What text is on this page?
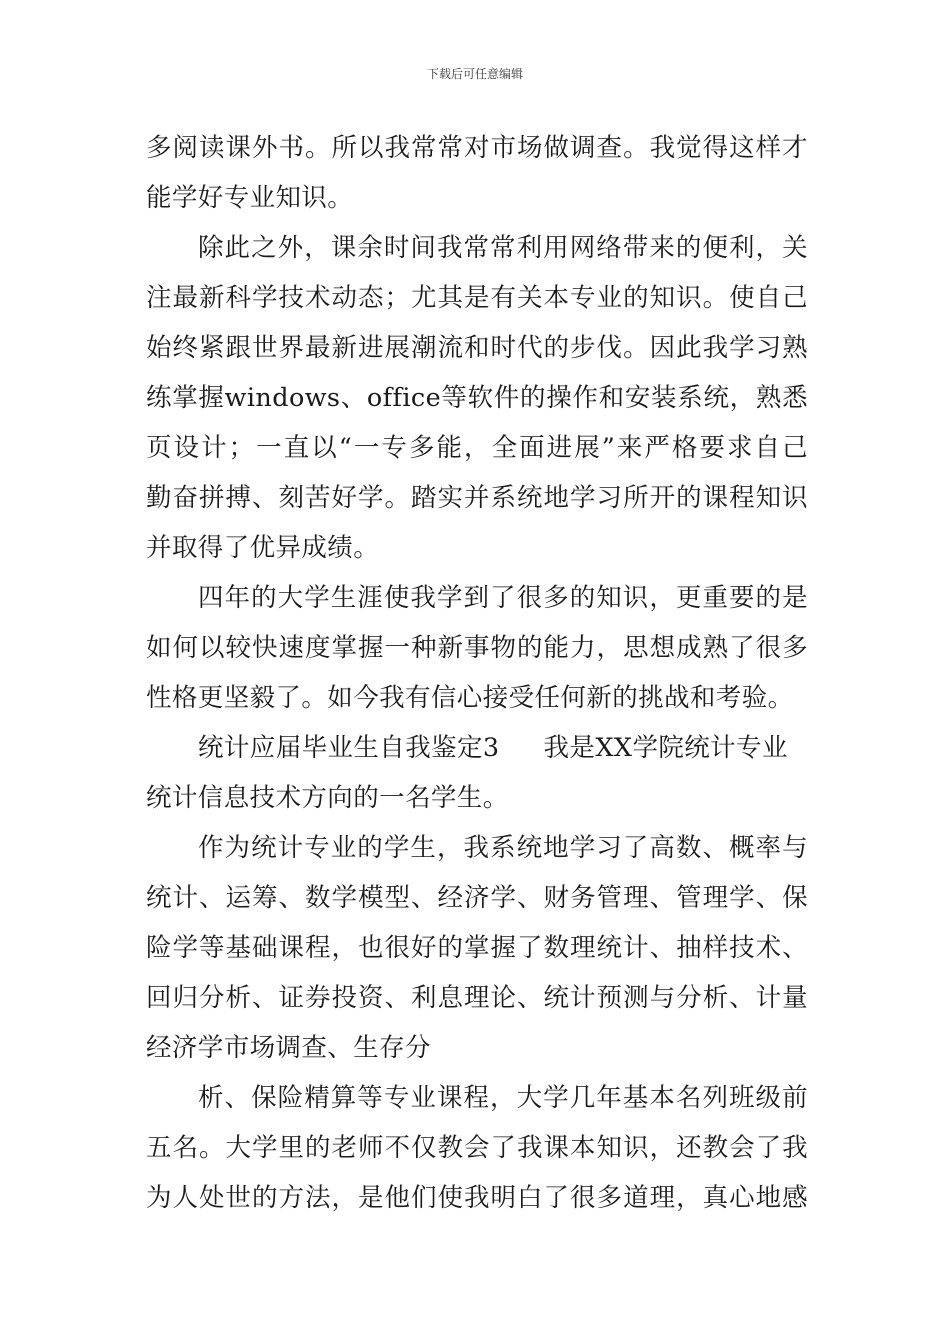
下载后可任意编辑
多阅读课外书。所以我常常对市场做调查。我觉得这样才
能学好专业知识。
除此之外，课余时间我常常利用网络带来的便利，关
注最新科学技术动态；尤其是有关本专业的知识。使自己
始终紧跟世界最新进展潮流和时代的步伐。因此我学习熟
练掌握windows、office等软件的操作和安装系统，熟悉
页设计；一直以“一专多能，全面进展”来严格要求自己
勤奋拼搏、刻苦好学。踏实并系统地学习所开的课程知识
并取得了优异成绩。
四年的大学生涯使我学到了很多的知识，更重要的是
如何以较快速度掌握一种新事物的能力，思想成熟了很多
性格更坚毅了。如今我有信心接受任何新的挑战和考验。
统计应届毕业生自我鉴定3 我是XX学院统计专业
统计信息技术方向的一名学生。
作为统计专业的学生，我系统地学习了高数、概率与
统计、运筹、数学模型、经济学、财务管理、管理学、保
险学等基础课程，也很好的掌握了数理统计、抽样技术、
回归分析、证券投资、利息理论、统计预测与分析、计量
经济学市场调查、生存分
析、保险精算等专业课程，大学几年基本名列班级前
五名。大学里的老师不仅教会了我课本知识，还教会了我
为人处世的方法，是他们使我明白了很多道理，真心地感
